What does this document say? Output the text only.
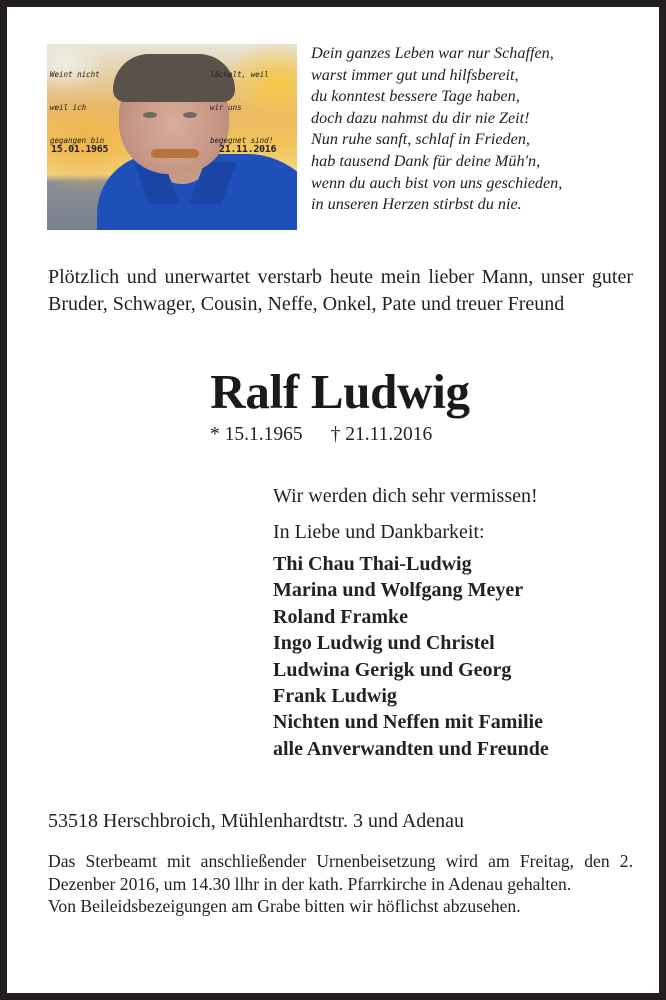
Weint nicht

weil ich

gegangen bin

lächelt, weil

wir uns

begegnet sind!

15.01.1965	21.11.2016
Dein ganzes Leben war nur Schaffen,
warst immer gut und hilfsbereit,
du konntest bessere Tage haben,
doch dazu nahmst du dir nie Zeit!
Nun ruhe sanft, schlaf in Frieden,
hab tausend Dank für deine Müh'n,
wenn du auch bist von uns geschieden,
in unseren Herzen stirbst du nie.
Plötzlich und unerwartet verstarb heute mein lieber Mann, unser guter Bruder, Schwager, Cousin, Neffe, Onkel, Pate und treuer Freund
Ralf Ludwig
* 15.1.1965 † 21.11.2016
Wir werden dich sehr vermissen!
In Liebe und Dankbarkeit:
Thi Chau Thai-Ludwig
Marina und Wolfgang Meyer
Roland Framke
Ingo Ludwig und Christel
Ludwina Gerigk und Georg
Frank Ludwig
Nichten und Neffen mit Familie
alle Anverwandten und Freunde
53518 Herschbroich, Mühlenhardtstr. 3 und Adenau

Das Sterbeamt mit anschließender Urnenbeisetzung wird am Freitag, den 2. Dezenber 2016, um 14.30 llhr in der kath. Pfarrkirche in Adenau gehalten.

Von Beileidsbezeigungen am Grabe bitten wir höflichst abzusehen.
